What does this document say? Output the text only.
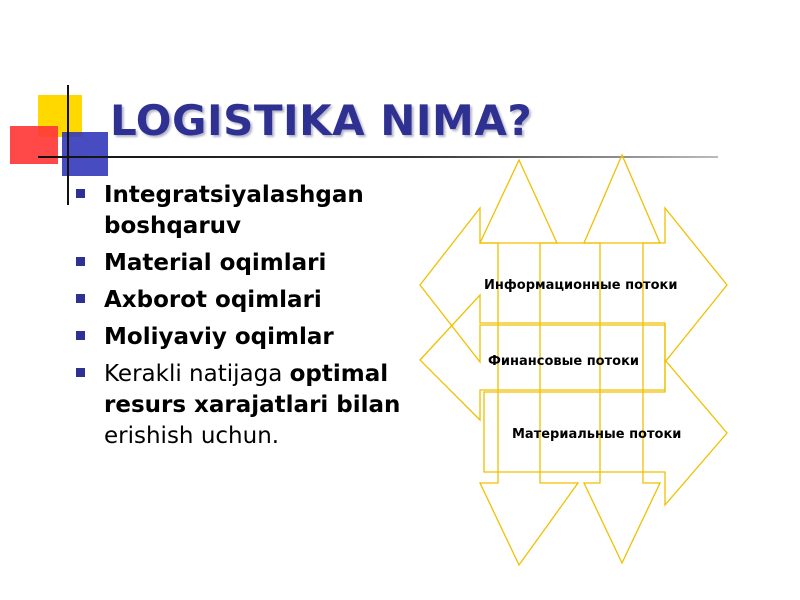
LOGISTIKA NIMA?
Integratsiyalashgan boshqaruv
Material oqimlari
Axborot oqimlari
Moliyaviy oqimlar
Kerakli natijaga optimal resurs xarajatlari bilan erishish uchun.
Информационные потоки
Финансовые потоки
Материальные потоки
